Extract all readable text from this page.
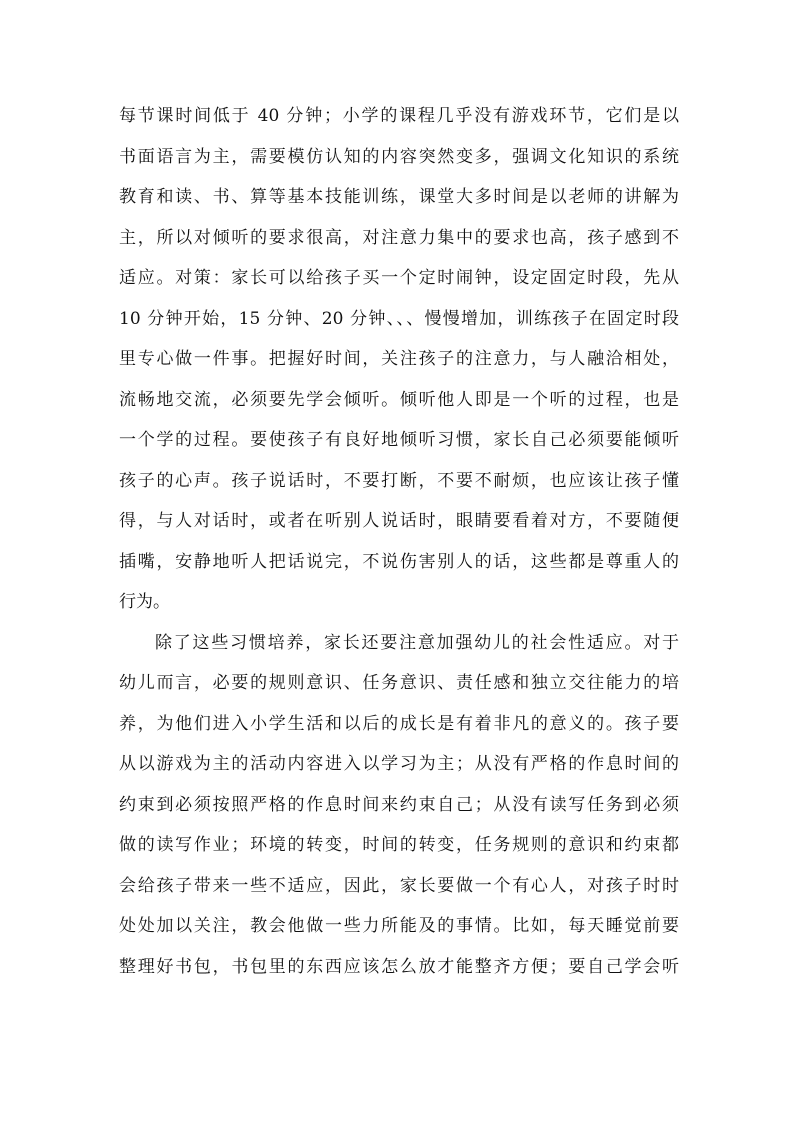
每节课时间低于 40 分钟；小学的课程几乎没有游戏环节，它们是以
书面语言为主，需要模仿认知的内容突然变多，强调文化知识的系统
教育和读、书、算等基本技能训练，课堂大多时间是以老师的讲解为
主，所以对倾听的要求很高，对注意力集中的要求也高，孩子感到不
适应。对策：家长可以给孩子买一个定时闹钟，设定固定时段，先从
10 分钟开始，15 分钟、20 分钟、、、慢慢增加，训练孩子在固定时段
里专心做一件事。把握好时间，关注孩子的注意力，与人融洽相处，
流畅地交流，必须要先学会倾听。倾听他人即是一个听的过程，也是
一个学的过程。要使孩子有良好地倾听习惯，家长自己必须要能倾听
孩子的心声。孩子说话时，不要打断，不要不耐烦，也应该让孩子懂
得，与人对话时，或者在听别人说话时，眼睛要看着对方，不要随便
插嘴，安静地听人把话说完，不说伤害别人的话，这些都是尊重人的
行为。
除了这些习惯培养，家长还要注意加强幼儿的社会性适应。对于
幼儿而言，必要的规则意识、任务意识、责任感和独立交往能力的培
养，为他们进入小学生活和以后的成长是有着非凡的意义的。孩子要
从以游戏为主的活动内容进入以学习为主；从没有严格的作息时间的
约束到必须按照严格的作息时间来约束自己；从没有读写任务到必须
做的读写作业；环境的转变，时间的转变，任务规则的意识和约束都
会给孩子带来一些不适应，因此，家长要做一个有心人，对孩子时时
处处加以关注，教会他做一些力所能及的事情。比如，每天睡觉前要
整理好书包，书包里的东西应该怎么放才能整齐方便；要自己学会听
